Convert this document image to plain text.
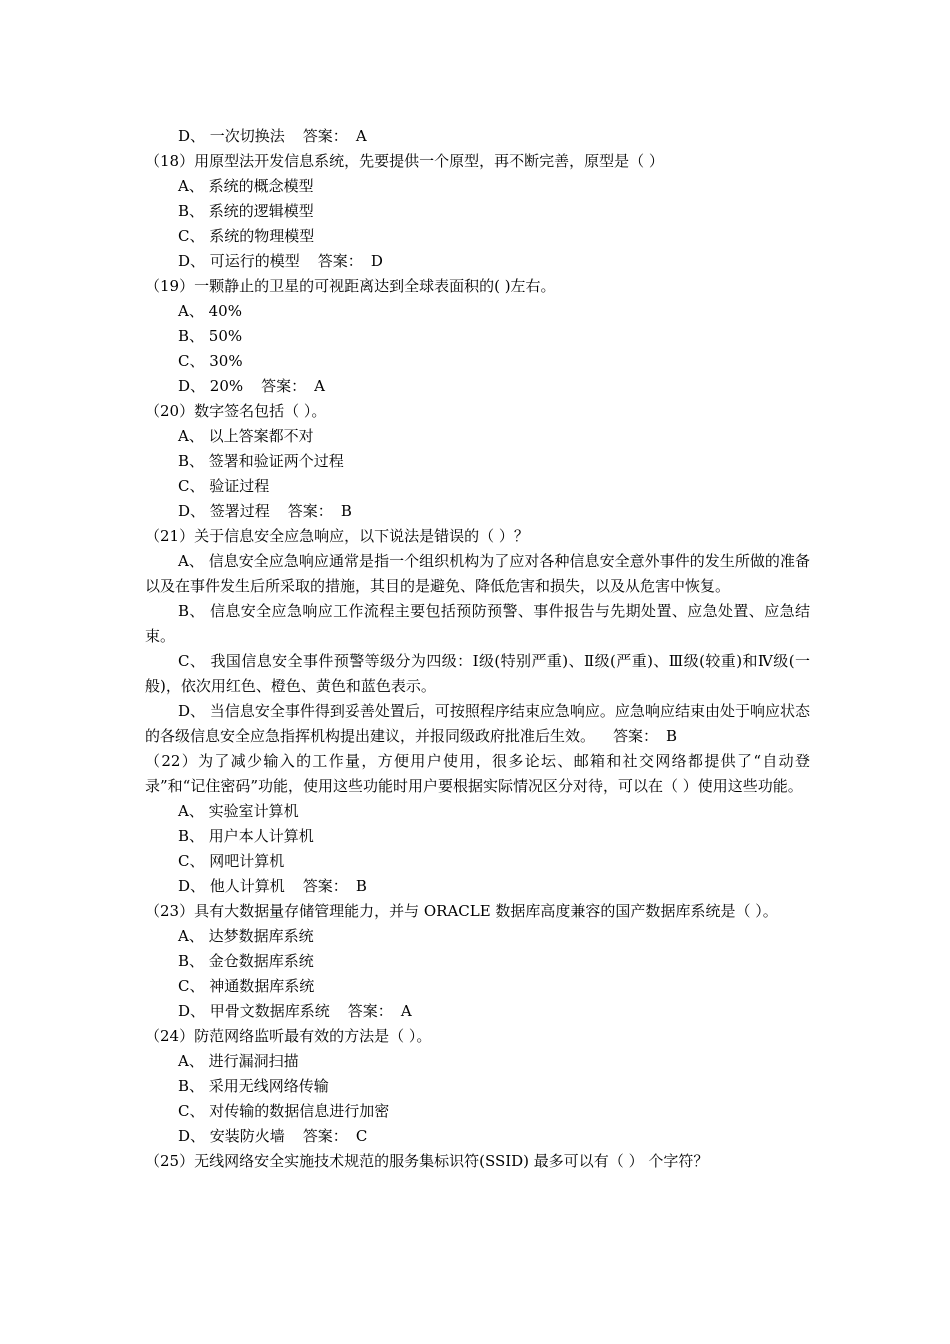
D、 一次切换法 答案： A
（18）用原型法开发信息系统，先要提供一个原型，再不断完善，原型是（ ）
A、 系统的概念模型
B、 系统的逻辑模型
C、 系统的物理模型
D、 可运行的模型 答案： D
（19）一颗静止的卫星的可视距离达到全球表面积的( )左右。
A、 40%
B、 50%
C、 30%
D、 20% 答案： A
（20）数字签名包括（ ）。
A、 以上答案都不对
B、 签署和验证两个过程
C、 验证过程
D、 签署过程 答案： B
（21）关于信息安全应急响应，以下说法是错误的（ ）？
A、 信息安全应急响应通常是指一个组织机构为了应对各种信息安全意外事件的发生所做的准备以及在事件发生后所采取的措施，其目的是避免、降低危害和损失，以及从危害中恢复。
B、 信息安全应急响应工作流程主要包括预防预警、事件报告与先期处置、应急处置、应急结束。
C、 我国信息安全事件预警等级分为四级：Ⅰ级(特别严重)、Ⅱ级(严重)、Ⅲ级(较重)和Ⅳ级(一般)，依次用红色、橙色、黄色和蓝色表示。
D、 当信息安全事件得到妥善处置后，可按照程序结束应急响应。应急响应结束由处于响应状态的各级信息安全应急指挥机构提出建议，并报同级政府批准后生效。 答案： B
（22）为了减少输入的工作量，方便用户使用，很多论坛、邮箱和社交网络都提供了“自动登录”和“记住密码”功能，使用这些功能时用户要根据实际情况区分对待，可以在（ ）使用这些功能。
A、 实验室计算机
B、 用户本人计算机
C、 网吧计算机
D、 他人计算机 答案： B
（23）具有大数据量存储管理能力，并与 ORACLE 数据库高度兼容的国产数据库系统是（ ）。
A、 达梦数据库系统
B、 金仓数据库系统
C、 神通数据库系统
D、 甲骨文数据库系统 答案： A
（24）防范网络监听最有效的方法是（ ）。
A、 进行漏洞扫描
B、 采用无线网络传输
C、 对传输的数据信息进行加密
D、 安装防火墙 答案： C
（25）无线网络安全实施技术规范的服务集标识符(SSID) 最多可以有（ ） 个字符？
